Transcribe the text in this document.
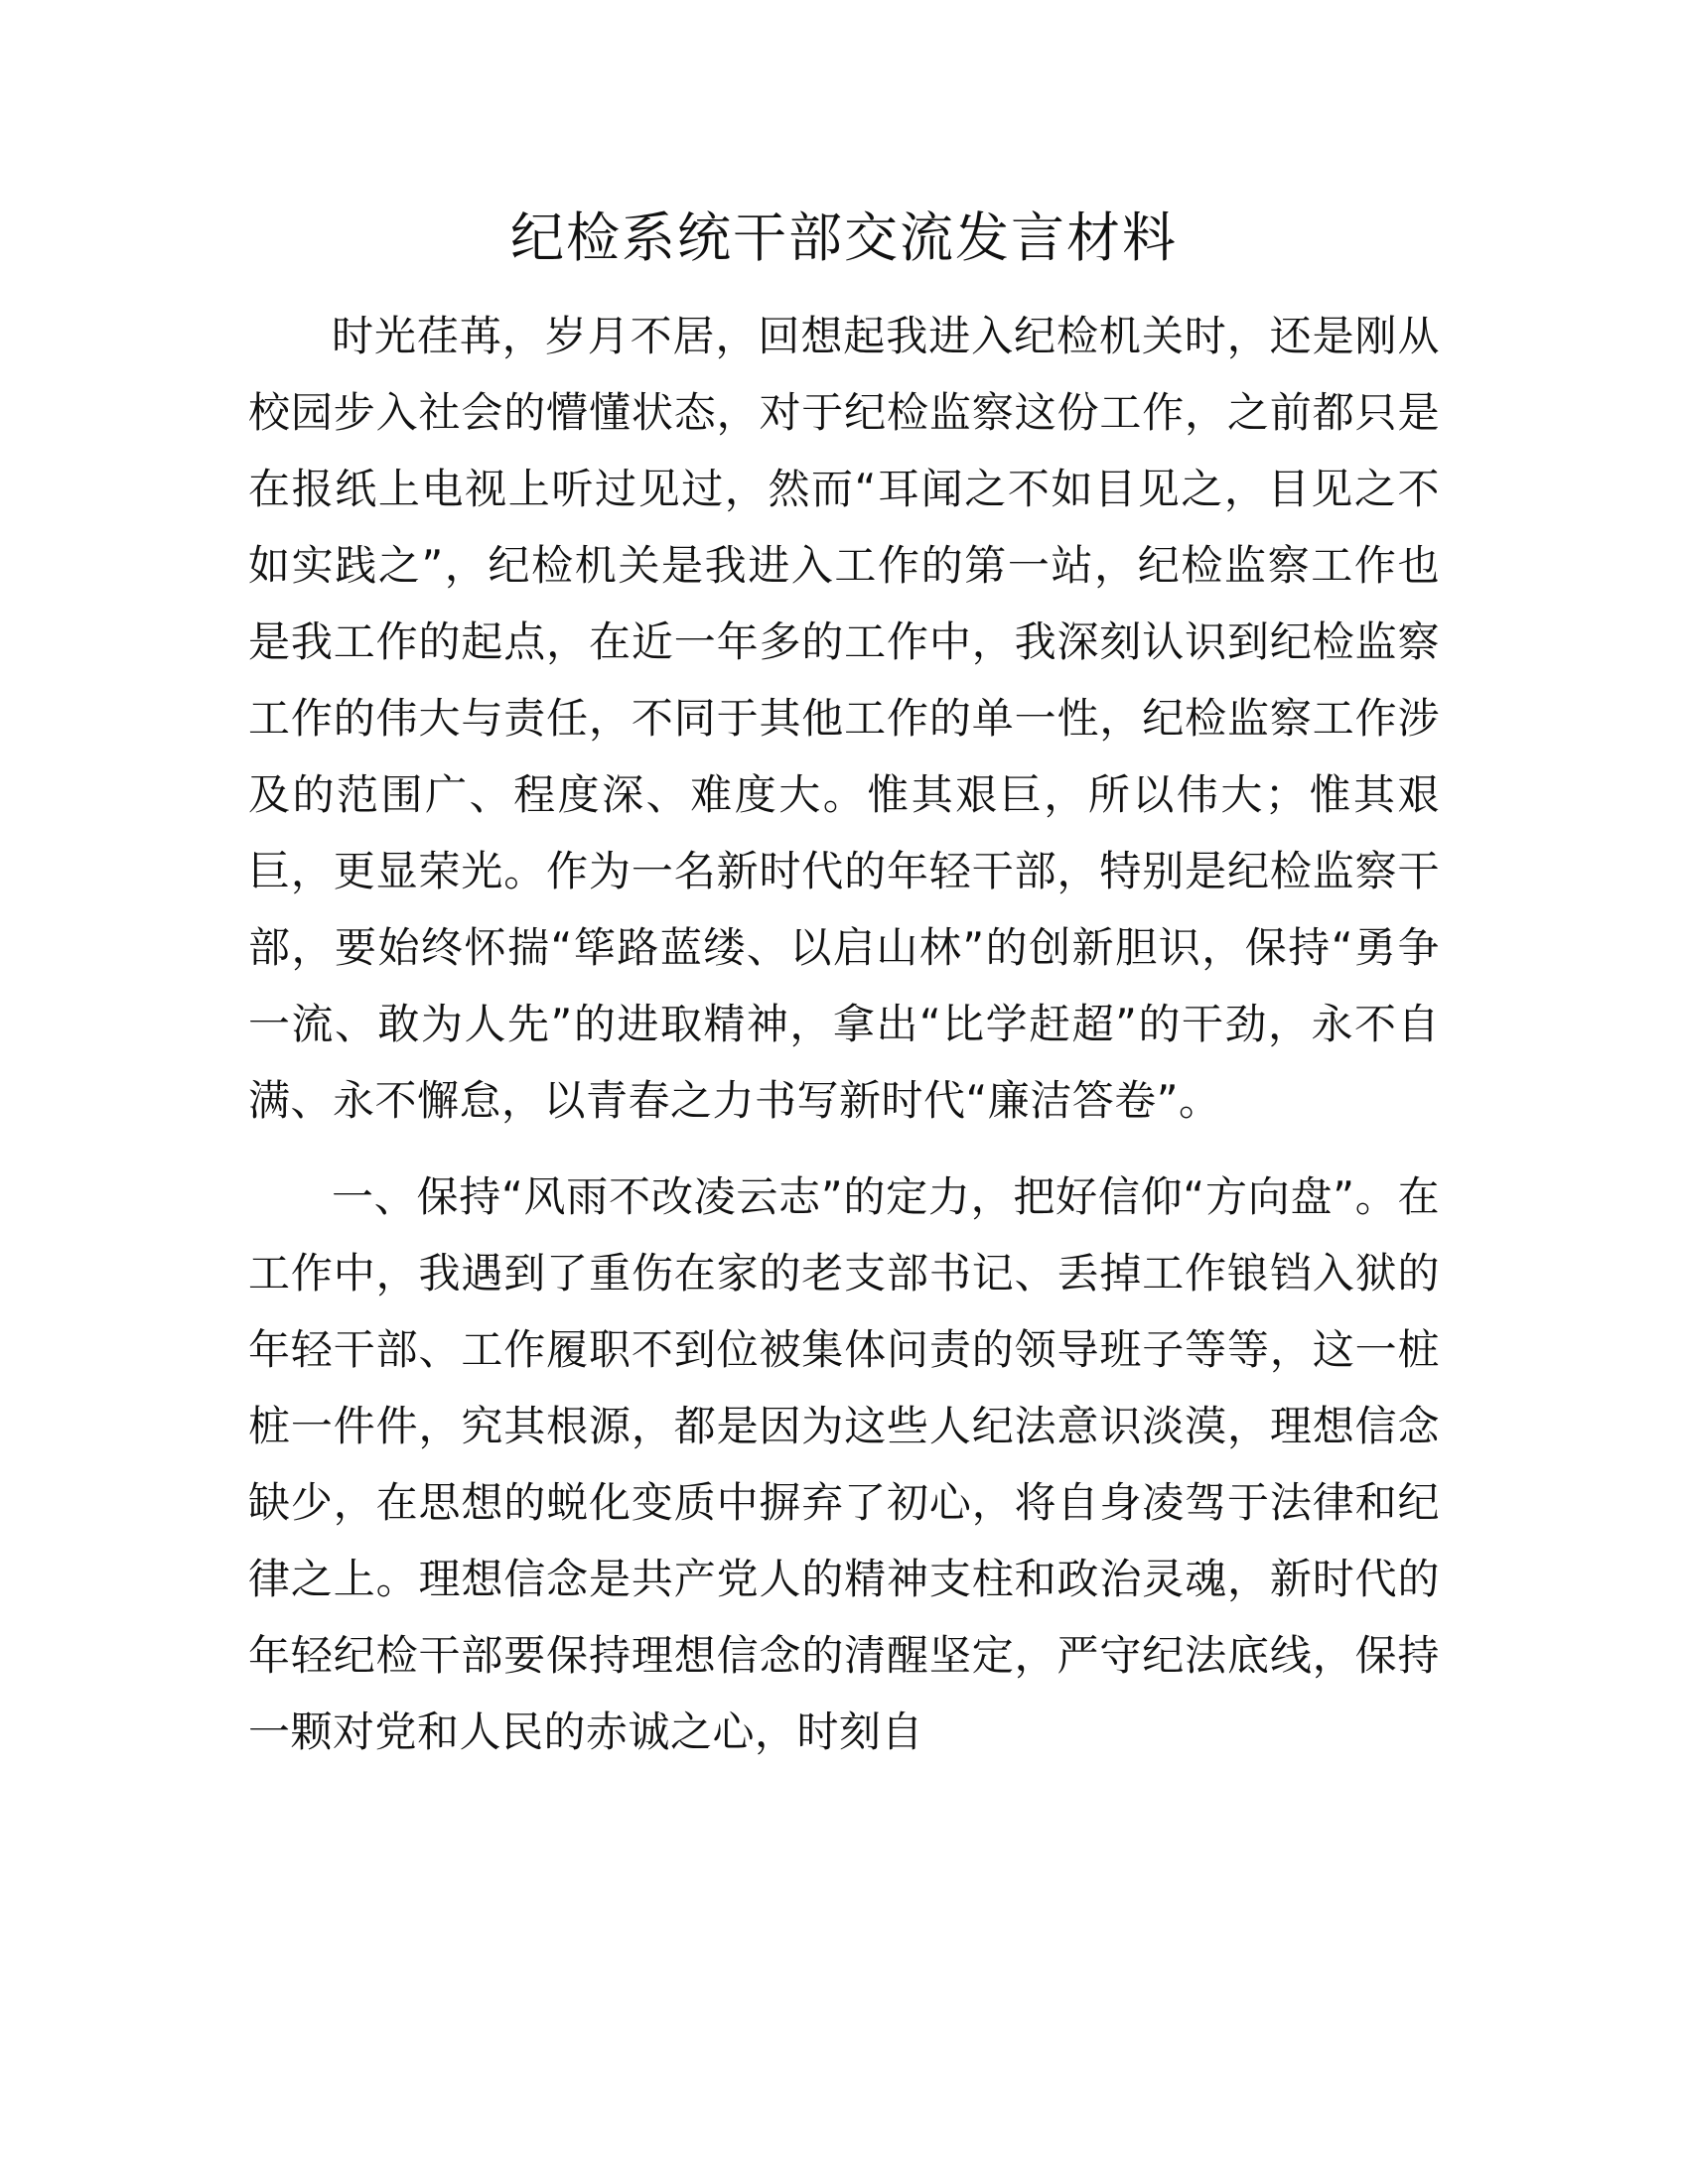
纪检系统干部交流发言材料

时光荏苒，岁月不居，回想起我进入纪检机关时，还是刚从校园步入社会的懵懂状态，对于纪检监察这份工作，之前都只是在报纸上电视上听过见过，然而“耳闻之不如目见之，目见之不如实践之”，纪检机关是我进入工作的第一站，纪检监察工作也是我工作的起点，在近一年多的工作中，我深刻认识到纪检监察工作的伟大与责任，不同于其他工作的单一性，纪检监察工作涉及的范围广、程度深、难度大。惟其艰巨，所以伟大；惟其艰巨，更显荣光。作为一名新时代的年轻干部，特别是纪检监察干部，要始终怀揣“筚路蓝缕、以启山林”的创新胆识，保持“勇争一流、敢为人先”的进取精神，拿出“比学赶超”的干劲，永不自满、永不懈怠，以青春之力书写新时代“廉洁答卷”。

一、保持“风雨不改凌云志”的定力，把好信仰“方向盘”。在工作中，我遇到了重伤在家的老支部书记、丢掉工作锒铛入狱的年轻干部、工作履职不到位被集体问责的领导班子等等，这一桩桩一件件，究其根源，都是因为这些人纪法意识淡漠，理想信念缺少，在思想的蜕化变质中摒弃了初心，将自身凌驾于法律和纪律之上。理想信念是共产党人的精神支柱和政治灵魂，新时代的年轻纪检干部要保持理想信念的清醒坚定，严守纪法底线，保持一颗对党和人民的赤诚之心，时刻自
